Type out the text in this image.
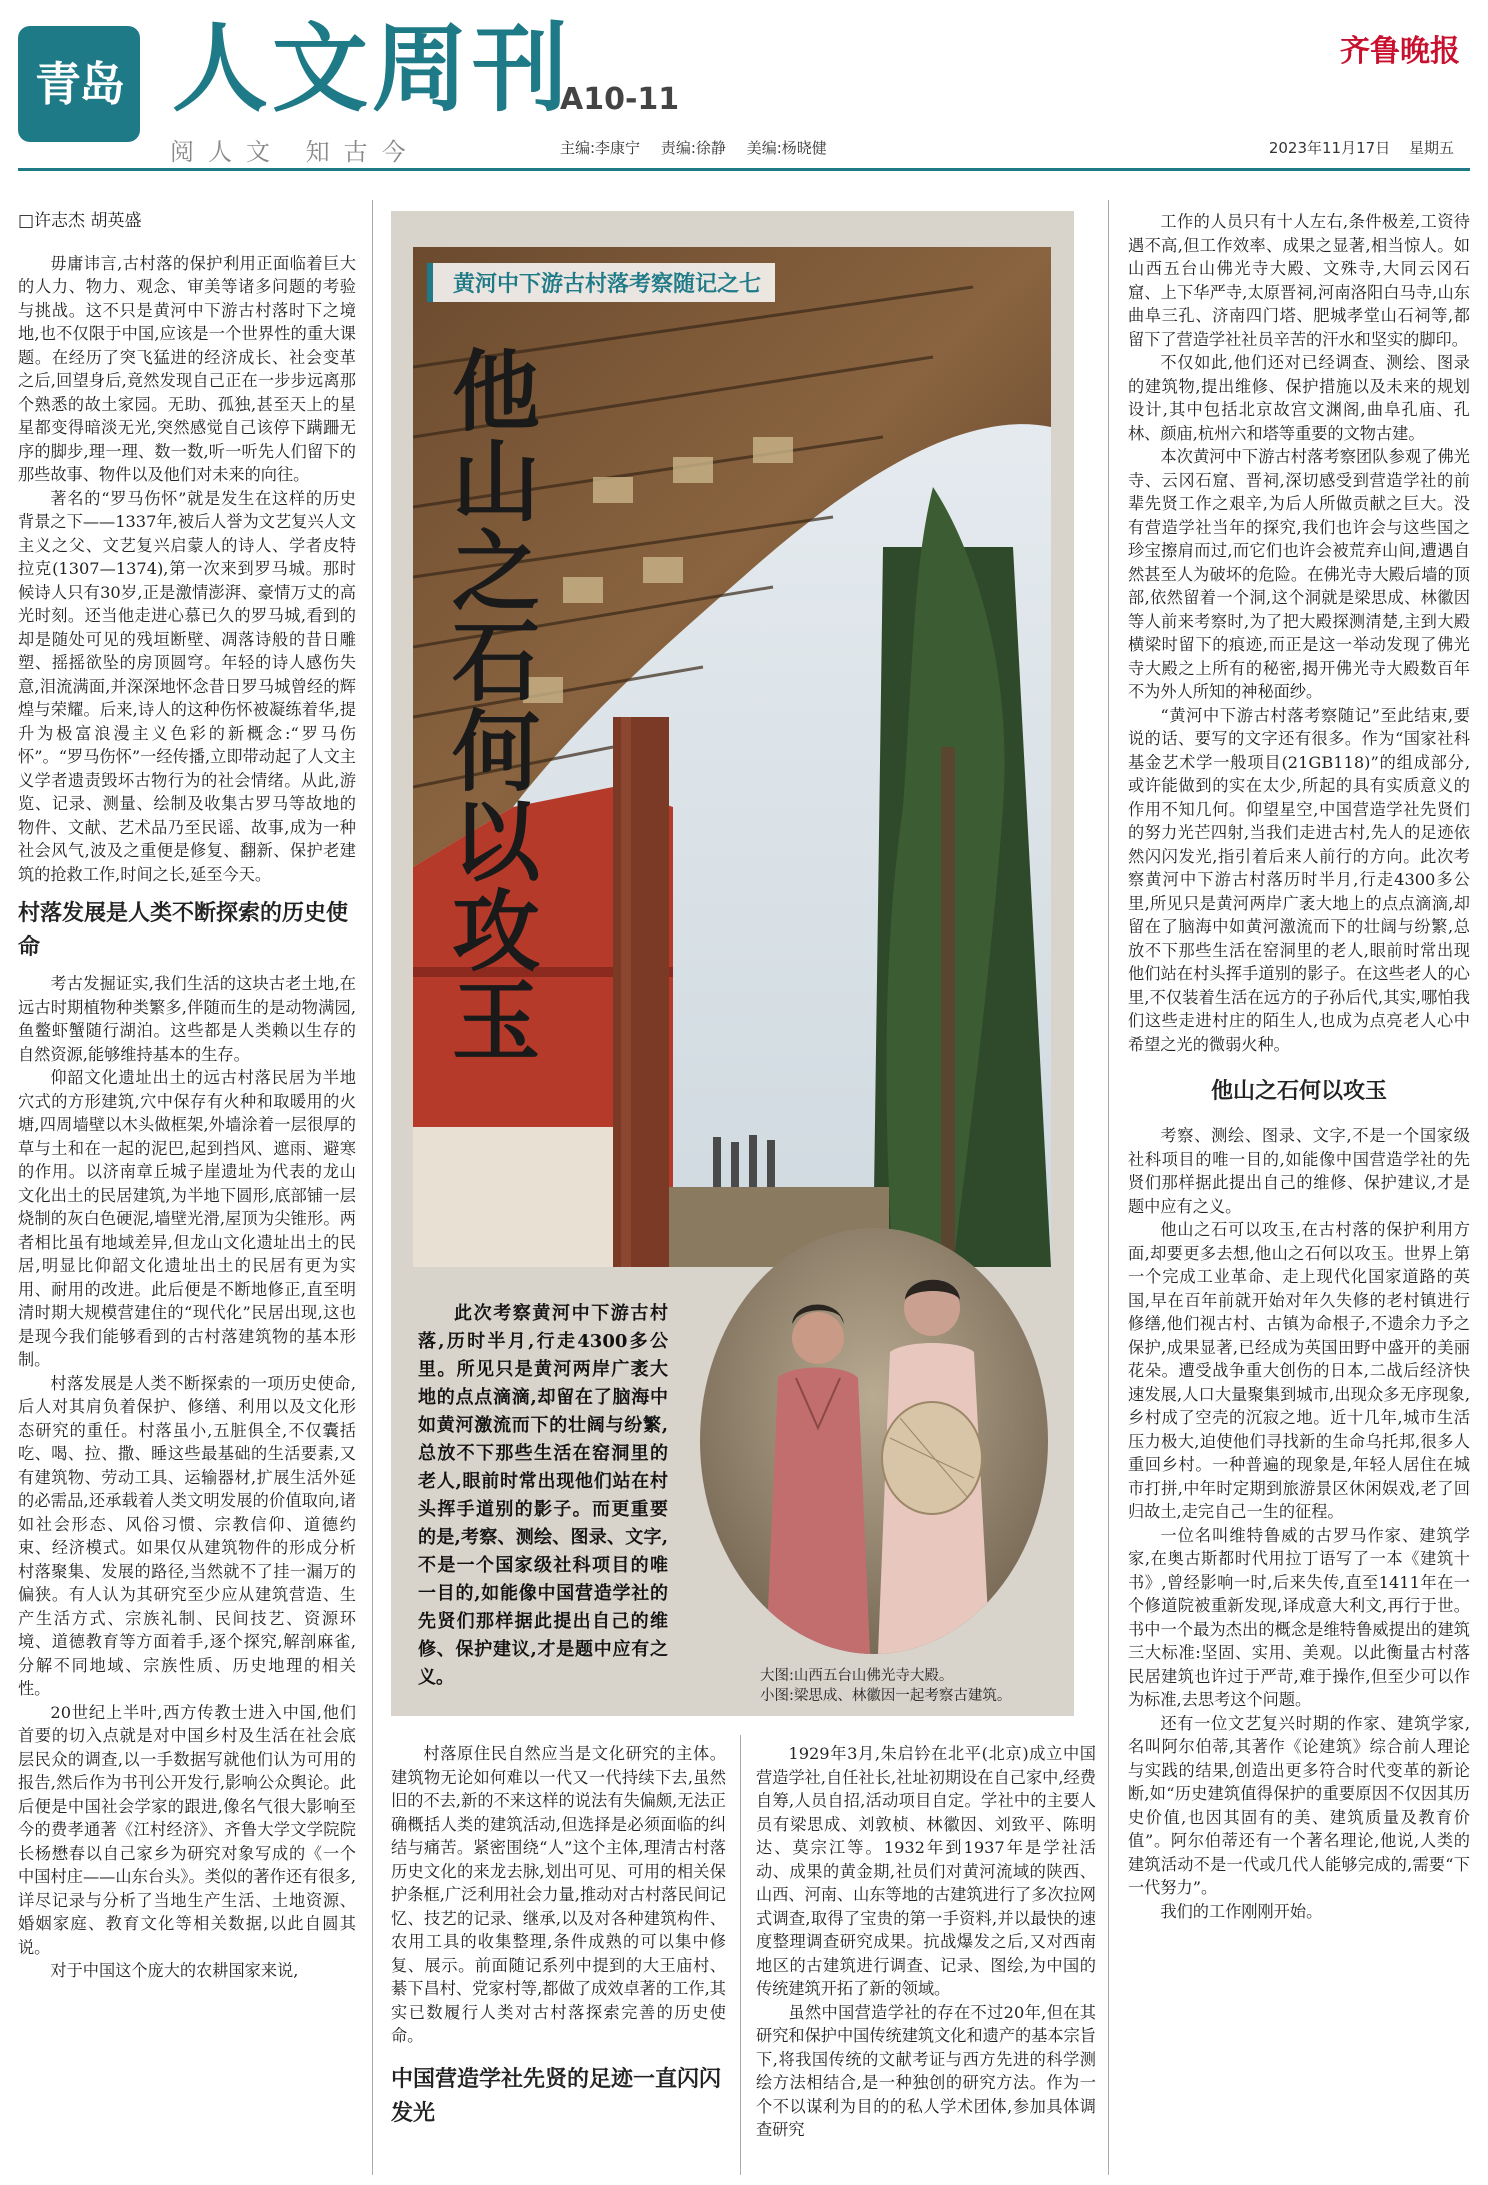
青岛 人文周刊
A10-11
阅人文 知古今	主编:李康宁 责编:徐静 美编:杨晓健
齐鲁晚报
2023年11月17日 星期五
□许志杰 胡英盛

毋庸讳言,古村落的保护利用正面临着巨大的人力、物力、观念、审美等诸多问题的考验与挑战。这不只是黄河中下游古村落时下之境地,也不仅限于中国,应该是一个世界性的重大课题。在经历了突飞猛进的经济成长、社会变革之后,回望身后,竟然发现自己正在一步步远离那个熟悉的故土家园。无助、孤独,甚至天上的星星都变得暗淡无光,突然感觉自己该停下蹒跚无序的脚步,理一理、数一数,听一听先人们留下的那些故事、物件以及他们对未来的向往。

著名的“罗马伤怀”就是发生在这样的历史背景之下——1337年,被后人誉为文艺复兴人文主义之父、文艺复兴启蒙人的诗人、学者皮特拉克(1307—1374),第一次来到罗马城。那时候诗人只有30岁,正是激情澎湃、豪情万丈的高光时刻。还当他走进心慕已久的罗马城,看到的却是随处可见的残垣断壁、凋落诗般的昔日雕塑、摇摇欲坠的房顶圆穹。年轻的诗人感伤失意,泪流满面,并深深地怀念昔日罗马城曾经的辉煌与荣耀。后来,诗人的这种伤怀被凝练着华,提升为极富浪漫主义色彩的新概念:“罗马伤怀”。“罗马伤怀”一经传播,立即带动起了人文主义学者遗责毁坏古物行为的社会情绪。从此,游览、记录、测量、绘制及收集古罗马等故地的物件、文献、艺术品乃至民谣、故事,成为一种社会风气,波及之重便是修复、翻新、保护老建筑的抢救工作,时间之长,延至今天。

村落发展是人类不断探索的历史使命

考古发掘证实,我们生活的这块古老土地,在远古时期植物种类繁多,伴随而生的是动物满园,鱼鳖虾蟹随行湖泊。这些都是人类赖以生存的自然资源,能够维持基本的生存。

仰韶文化遗址出土的远古村落民居为半地穴式的方形建筑,穴中保存有火种和取暖用的火塘,四周墙壁以木头做框架,外墙涂着一层很厚的草与土和在一起的泥巴,起到挡风、遮雨、避寒的作用。以济南章丘城子崖遗址为代表的龙山文化出土的民居建筑,为半地下圆形,底部铺一层烧制的灰白色硬泥,墙壁光滑,屋顶为尖锥形。两者相比虽有地域差异,但龙山文化遗址出土的民居,明显比仰韶文化遗址出土的民居有更为实用、耐用的改进。此后便是不断地修正,直至明清时期大规模营建住的“现代化”民居出现,这也是现今我们能够看到的古村落建筑物的基本形制。

村落发展是人类不断探索的一项历史使命,后人对其肩负着保护、修缮、利用以及文化形态研究的重任。村落虽小,五脏俱全,不仅囊括吃、喝、拉、撒、睡这些最基础的生活要素,又有建筑物、劳动工具、运输器材,扩展生活外延的必需品,还承载着人类文明发展的价值取向,诸如社会形态、风俗习惯、宗教信仰、道德约束、经济模式。如果仅从建筑物件的形成分析村落聚集、发展的路径,当然就不了挂一漏万的偏狭。有人认为其研究至少应从建筑营造、生产生活方式、宗族礼制、民间技艺、资源环境、道德教育等方面着手,逐个探究,解剖麻雀,分解不同地域、宗族性质、历史地理的相关性。

20世纪上半叶,西方传教士进入中国,他们首要的切入点就是对中国乡村及生活在社会底层民众的调查,以一手数据写就他们认为可用的报告,然后作为书刊公开发行,影响公众舆论。此后便是中国社会学家的跟进,像名气很大影响至今的费孝通著《江村经济》、齐鲁大学文学院院长杨懋春以自己家乡为研究对象写成的《一个中国村庄——山东台头》。类似的著作还有很多,详尽记录与分析了当地生产生活、土地资源、婚姻家庭、教育文化等相关数据,以此自圆其说。

对于中国这个庞大的农耕国家来说,

黄河中下游古村落考察随记之七
他山之石何以攻玉

此次考察黄河中下游古村落,历时半月,行走4300多公里。所见只是黄河两岸广袤大地的点点滴滴,却留在了脑海中如黄河激流而下的壮阔与纷繁,总放不下那些生活在窑洞里的老人,眼前时常出现他们站在村头挥手道别的影子。而更重要的是,考察、测绘、图录、文字,不是一个国家级社科项目的唯一目的,如能像中国营造学社的先贤们那样据此提出自己的维修、保护建议,才是题中应有之义。	大图:山西五台山佛光寺大殿。
小图:梁思成、林徽因一起考察古建筑。

村落原住民自然应当是文化研究的主体。建筑物无论如何难以一代又一代持续下去,虽然旧的不去,新的不来这样的说法有失偏颇,无法正确概括人类的建筑活动,但选择是必须面临的纠结与痛苦。紧密围绕“人”这个主体,理清古村落历史文化的来龙去脉,划出可见、可用的相关保护条框,广泛利用社会力量,推动对古村落民间记忆、技艺的记录、继承,以及对各种建筑构件、农用工具的收集整理,条件成熟的可以集中修复、展示。前面随记系列中提到的大王庙村、綦下昌村、党家村等,都做了成效卓著的工作,其实已数履行人类对古村落探索完善的历史使命。

中国营造学社先贤的足迹一直闪闪发光

1929年3月,朱启钤在北平(北京)成立中国营造学社,自任社长,社址初期设在自己家中,经费自筹,人员自招,活动项目自定。学社中的主要人员有梁思成、刘敦桢、林徽因、刘致平、陈明达、莫宗江等。1932年到1937年是学社活动、成果的黄金期,社员们对黄河流域的陕西、山西、河南、山东等地的古建筑进行了多次拉网式调查,取得了宝贵的第一手资料,并以最快的速度整理调查研究成果。抗战爆发之后,又对西南地区的古建筑进行调查、记录、图绘,为中国的传统建筑开拓了新的领域。

虽然中国营造学社的存在不过20年,但在其研究和保护中国传统建筑文化和遗产的基本宗旨下,将我国传统的文献考证与西方先进的科学测绘方法相结合,是一种独创的研究方法。作为一个不以谋利为目的的私人学术团体,参加具体调查研究

工作的人员只有十人左右,条件极差,工资待遇不高,但工作效率、成果之显著,相当惊人。如山西五台山佛光寺大殿、文殊寺,大同云冈石窟、上下华严寺,太原晋祠,河南洛阳白马寺,山东曲阜三孔、济南四门塔、肥城孝堂山石祠等,都留下了营造学社社员辛苦的汗水和坚实的脚印。

不仅如此,他们还对已经调查、测绘、图录的建筑物,提出维修、保护措施以及未来的规划设计,其中包括北京故宫文渊阁,曲阜孔庙、孔林、颜庙,杭州六和塔等重要的文物古建。

本次黄河中下游古村落考察团队参观了佛光寺、云冈石窟、晋祠,深切感受到营造学社的前辈先贤工作之艰辛,为后人所做贡献之巨大。没有营造学社当年的探究,我们也许会与这些国之珍宝擦肩而过,而它们也许会被荒弃山间,遭遇自然甚至人为破坏的危险。在佛光寺大殿后墙的顶部,依然留着一个洞,这个洞就是梁思成、林徽因等人前来考察时,为了把大殿探测清楚,主到大殿横梁时留下的痕迹,而正是这一举动发现了佛光寺大殿之上所有的秘密,揭开佛光寺大殿数百年不为外人所知的神秘面纱。

“黄河中下游古村落考察随记”至此结束,要说的话、要写的文字还有很多。作为“国家社科基金艺术学一般项目(21GB118)”的组成部分,或许能做到的实在太少,所起的具有实质意义的作用不知几何。仰望星空,中国营造学社先贤们的努力光芒四射,当我们走进古村,先人的足迹依然闪闪发光,指引着后来人前行的方向。此次考察黄河中下游古村落历时半月,行走4300多公里,所见只是黄河两岸广袤大地上的点点滴滴,却留在了脑海中如黄河激流而下的壮阔与纷繁,总放不下那些生活在窑洞里的老人,眼前时常出现他们站在村头挥手道别的影子。在这些老人的心里,不仅装着生活在远方的子孙后代,其实,哪怕我们这些走进村庄的陌生人,也成为点亮老人心中希望之光的微弱火种。

他山之石何以攻玉

考察、测绘、图录、文字,不是一个国家级社科项目的唯一目的,如能像中国营造学社的先贤们那样据此提出自己的维修、保护建议,才是题中应有之义。

他山之石可以攻玉,在古村落的保护利用方面,却要更多去想,他山之石何以攻玉。世界上第一个完成工业革命、走上现代化国家道路的英国,早在百年前就开始对年久失修的老村镇进行修缮,他们视古村、古镇为命根子,不遗余力予之保护,成果显著,已经成为英国田野中盛开的美丽花朵。遭受战争重大创伤的日本,二战后经济快速发展,人口大量聚集到城市,出现众多无序现象,乡村成了空壳的沉寂之地。近十几年,城市生活压力极大,迫使他们寻找新的生命乌托邦,很多人重回乡村。一种普遍的现象是,年轻人居住在城市打拼,中年时定期到旅游景区休闲娱戏,老了回归故土,走完自己一生的征程。

一位名叫维特鲁威的古罗马作家、建筑学家,在奥古斯都时代用拉丁语写了一本《建筑十书》,曾经影响一时,后来失传,直至1411年在一个修道院被重新发现,译成意大利文,再行于世。书中一个最为杰出的概念是维特鲁威提出的建筑三大标准:坚固、实用、美观。以此衡量古村落民居建筑也许过于严苛,难于操作,但至少可以作为标准,去思考这个问题。

还有一位文艺复兴时期的作家、建筑学家,名叫阿尔伯蒂,其著作《论建筑》综合前人理论与实践的结果,创造出更多符合时代变革的新论断,如“历史建筑值得保护的重要原因不仅因其历史价值,也因其固有的美、建筑质量及教育价值”。阿尔伯蒂还有一个著名理论,他说,人类的建筑活动不是一代或几代人能够完成的,需要“下一代努力”。

我们的工作刚刚开始。
